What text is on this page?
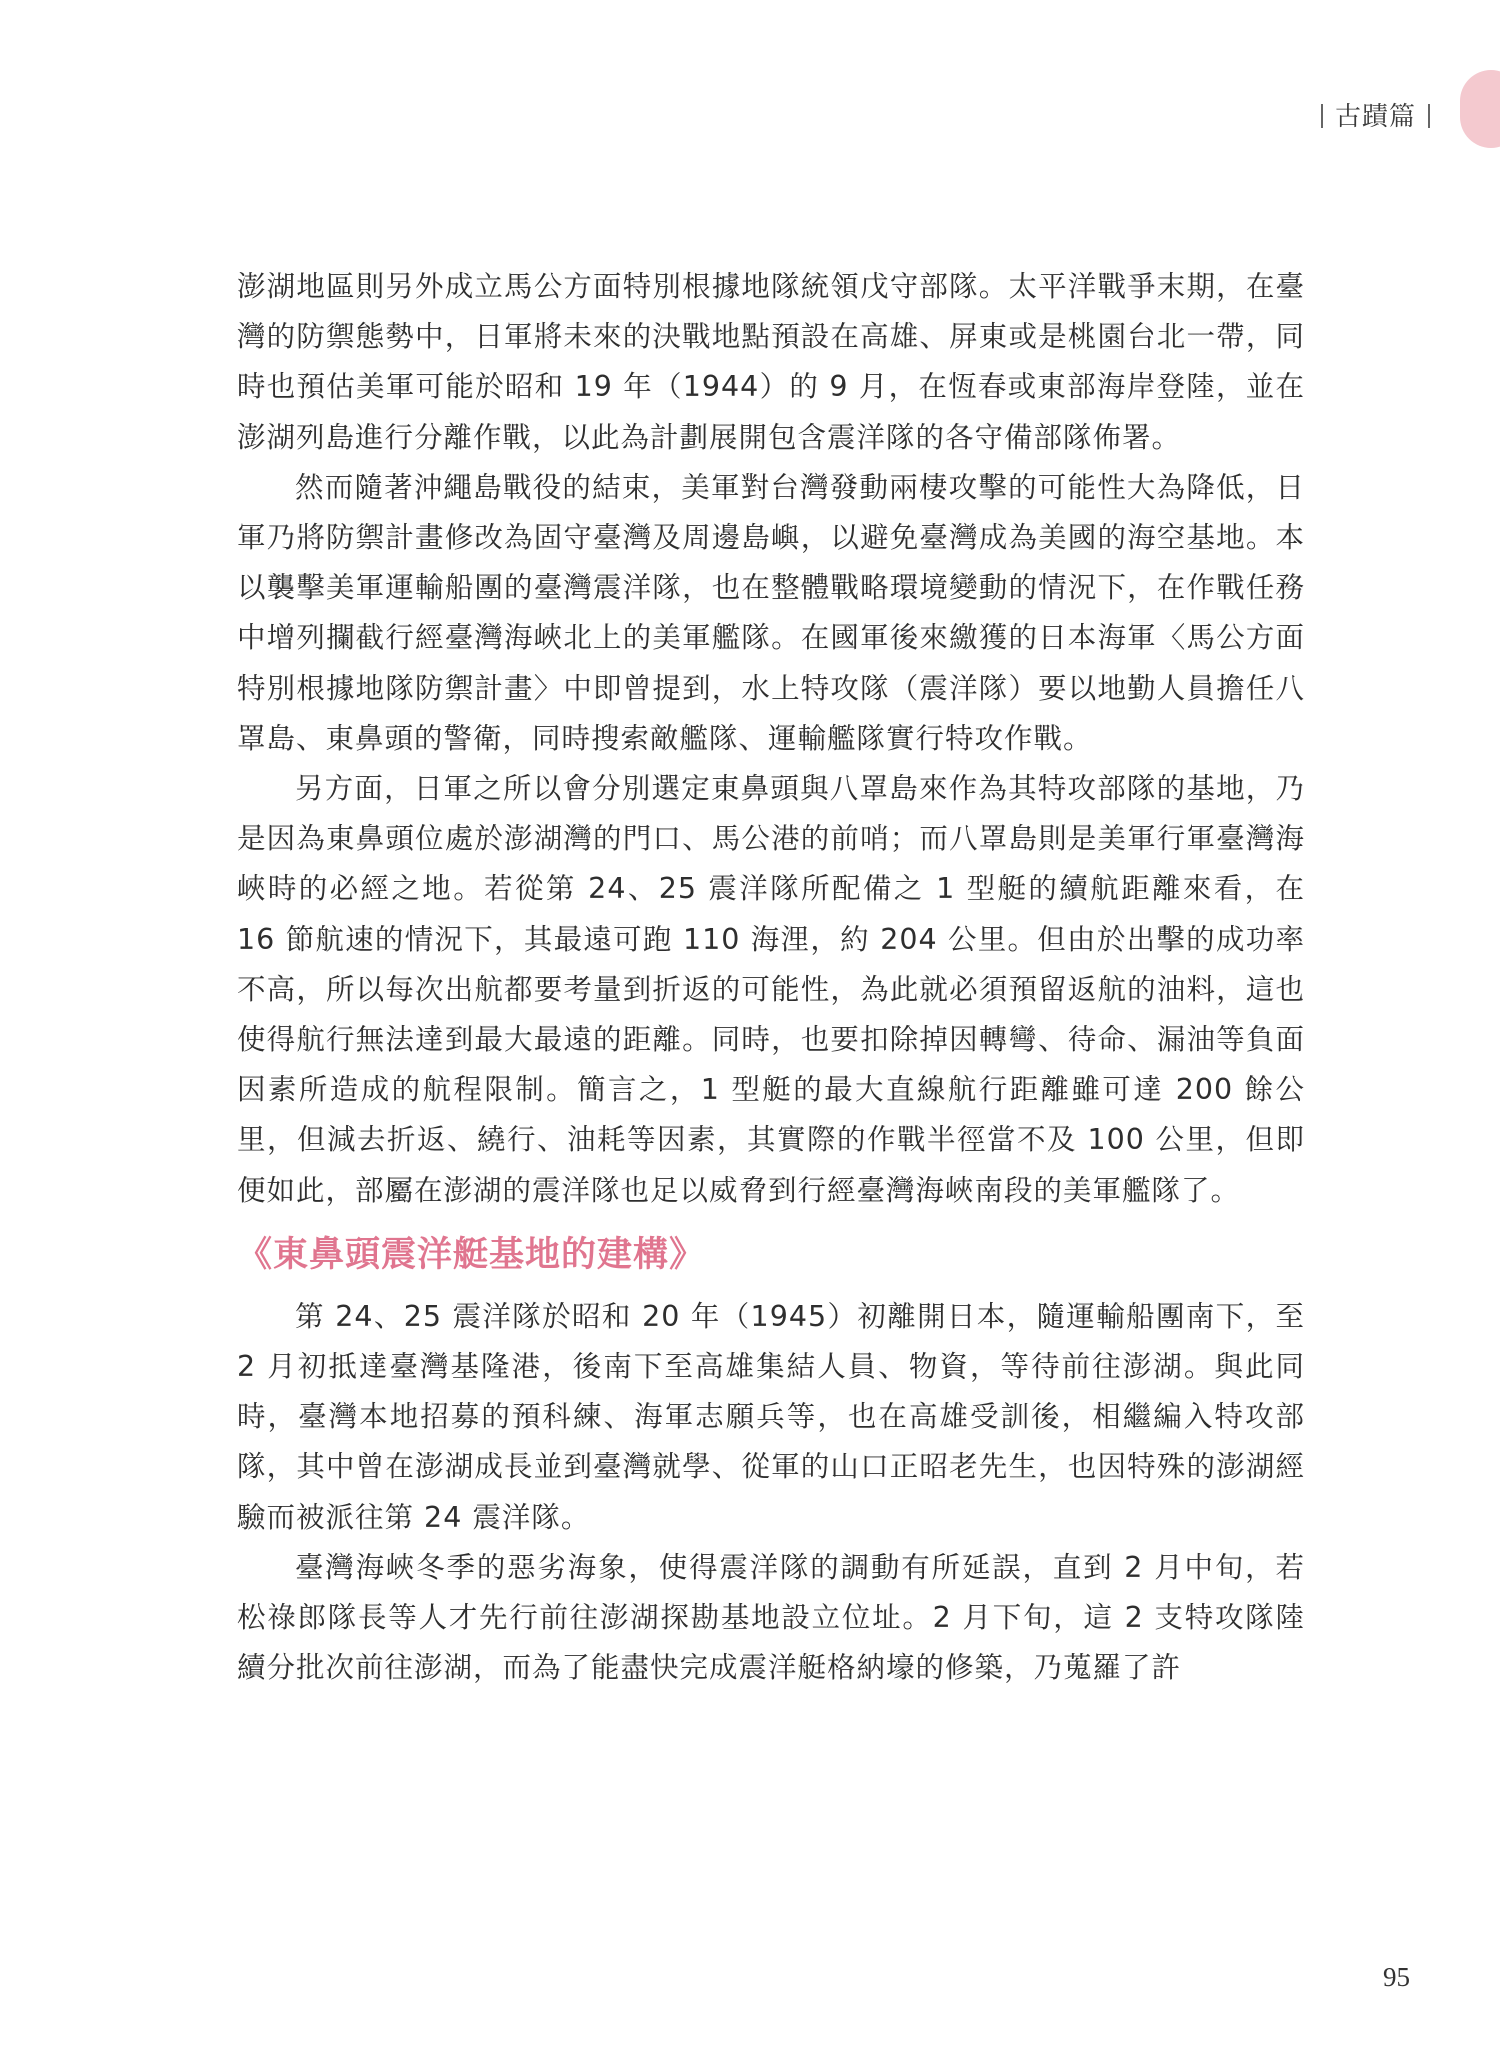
古蹟篇

澎湖地區則另外成立馬公方面特別根據地隊統領戊守部隊。太平洋戰爭末期，在臺灣的防禦態勢中，日軍將未來的決戰地點預設在高雄、屏東或是桃園台北一帶，同時也預估美軍可能於昭和 19 年（1944）的 9 月，在恆春或東部海岸登陸，並在澎湖列島進行分離作戰，以此為計劃展開包含震洋隊的各守備部隊佈署。

然而隨著沖繩島戰役的結束，美軍對台灣發動兩棲攻擊的可能性大為降低，日軍乃將防禦計畫修改為固守臺灣及周邊島嶼，以避免臺灣成為美國的海空基地。本以襲擊美軍運輸船團的臺灣震洋隊，也在整體戰略環境變動的情況下，在作戰任務中增列攔截行經臺灣海峽北上的美軍艦隊。在國軍後來繳獲的日本海軍〈馬公方面特別根據地隊防禦計畫〉中即曾提到，水上特攻隊（震洋隊）要以地勤人員擔任八罩島、東鼻頭的警衛，同時搜索敵艦隊、運輸艦隊實行特攻作戰。

另方面，日軍之所以會分別選定東鼻頭與八罩島來作為其特攻部隊的基地，乃是因為東鼻頭位處於澎湖灣的門口、馬公港的前哨；而八罩島則是美軍行軍臺灣海峽時的必經之地。若從第 24、25 震洋隊所配備之 1 型艇的續航距離來看，在 16 節航速的情況下，其最遠可跑 110 海浬，約 204 公里。但由於出擊的成功率不高，所以每次出航都要考量到折返的可能性，為此就必須預留返航的油料，這也使得航行無法達到最大最遠的距離。同時，也要扣除掉因轉彎、待命、漏油等負面因素所造成的航程限制。簡言之，1 型艇的最大直線航行距離雖可達 200 餘公里，但減去折返、繞行、油耗等因素，其實際的作戰半徑當不及 100 公里，但即便如此，部屬在澎湖的震洋隊也足以威脅到行經臺灣海峽南段的美軍艦隊了。

《東鼻頭震洋艇基地的建構》

第 24、25 震洋隊於昭和 20 年（1945）初離開日本，隨運輸船團南下，至 2 月初抵達臺灣基隆港，後南下至高雄集結人員、物資，等待前往澎湖。與此同時，臺灣本地招募的預科練、海軍志願兵等，也在高雄受訓後，相繼編入特攻部隊，其中曾在澎湖成長並到臺灣就學、從軍的山口正昭老先生，也因特殊的澎湖經驗而被派往第 24 震洋隊。

臺灣海峽冬季的惡劣海象，使得震洋隊的調動有所延誤，直到 2 月中旬，若松祿郎隊長等人才先行前往澎湖探勘基地設立位址。2 月下旬，這 2 支特攻隊陸續分批次前往澎湖，而為了能盡快完成震洋艇格納壕的修築，乃蒐羅了許

95
